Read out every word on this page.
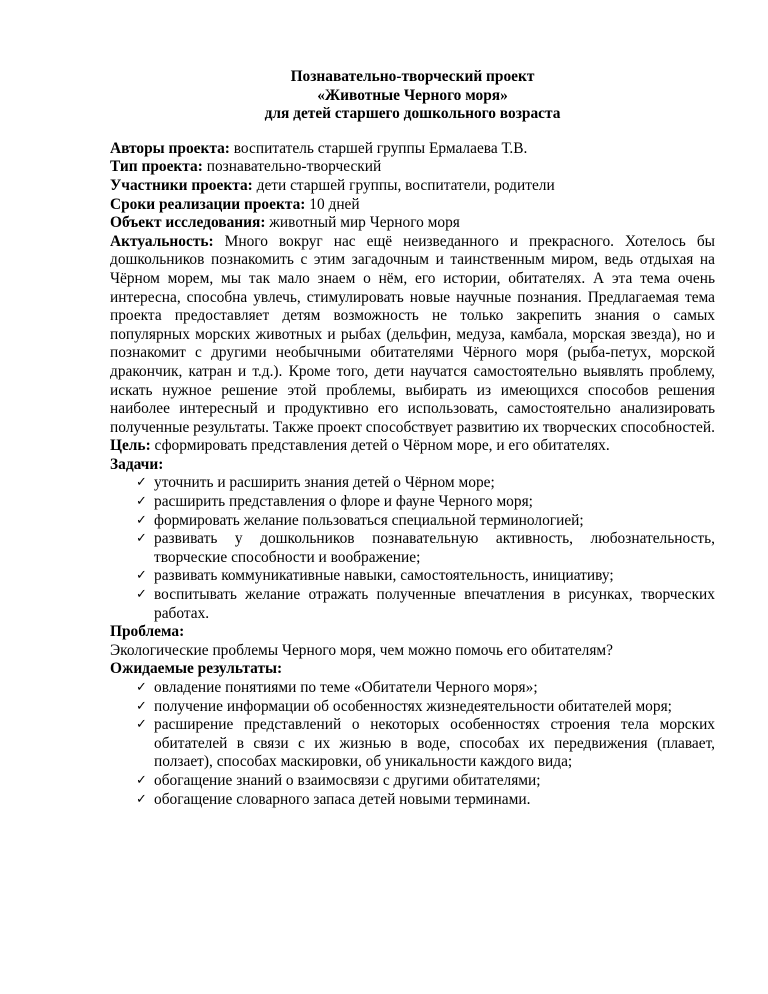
Познавательно-творческий проект
«Животные Черного моря»
для детей старшего дошкольного возраста

Авторы проекта: воспитатель старшей группы Ермалаева Т.В.

Тип проекта: познавательно-творческий

Участники проекта: дети старшей группы, воспитатели, родители

Сроки реализации проекта: 10 дней

Объект исследования: животный мир Черного моря

Актуальность: Много вокруг нас ещё неизведанного и прекрасного. Хотелось бы дошкольников познакомить с этим загадочным и таинственным миром, ведь отдыхая на Чёрном морем, мы так мало знаем о нём, его истории, обитателях. А эта тема очень интересна, способна увлечь, стимулировать новые научные познания. Предлагаемая тема проекта предоставляет детям возможность не только закрепить знания о самых популярных морских животных и рыбах (дельфин, медуза, камбала, морская звезда), но и познакомит с другими необычными обитателями Чёрного моря (рыба-петух, морской дракончик, катран и т.д.). Кроме того, дети научатся самостоятельно выявлять проблему, искать нужное решение этой проблемы, выбирать из имеющихся способов решения наиболее интересный и продуктивно его использовать, самостоятельно анализировать полученные результаты. Также проект способствует развитию их творческих способностей.

Цель: сформировать представления детей о Чёрном море, и его обитателях.

Задачи:
✓ уточнить и расширить знания детей о Чёрном море;
✓ расширить представления о флоре и фауне Черного моря;
✓ формировать желание пользоваться специальной терминологией;
✓ развивать у дошкольников познавательную активность, любознательность, творческие способности и воображение;
✓ развивать коммуникативные навыки, самостоятельность, инициативу;
✓ воспитывать желание отражать полученные впечатления в рисунках, творческих работах.
Проблема:

Экологические проблемы Черного моря, чем можно помочь его обитателям?

Ожидаемые результаты:
✓ овладение понятиями по теме «Обитатели Черного моря»;
✓ получение информации об особенностях жизнедеятельности обитателей моря;
✓ расширение представлений о некоторых особенностях строения тела морских обитателей в связи с их жизнью в воде, способах их передвижения (плавает, ползает), способах маскировки, об уникальности каждого вида;
✓ обогащение знаний о взаимосвязи с другими обитателями;
✓ обогащение словарного запаса детей новыми терминами.
